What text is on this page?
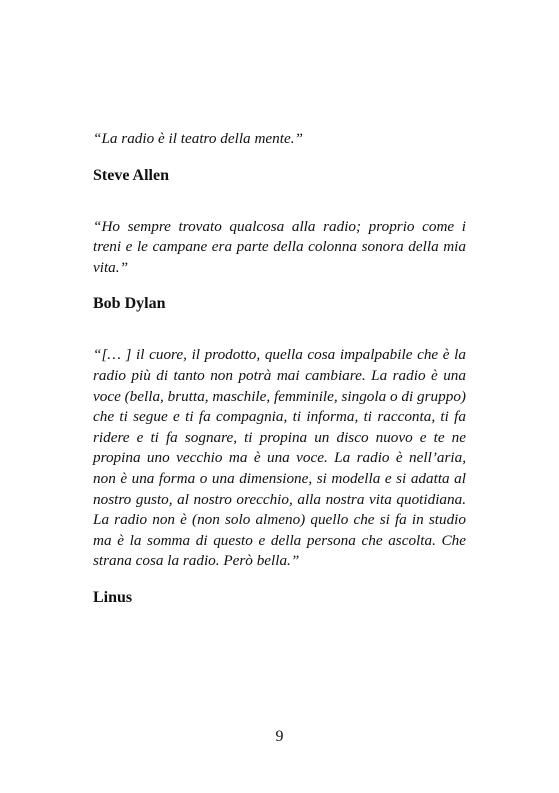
“La radio è il teatro della mente.”

Steve Allen

“Ho sempre trovato qualcosa alla radio; proprio come i treni e le campane era parte della colonna sonora della mia vita.”

Bob Dylan

“[… ] il cuore, il prodotto, quella cosa impalpabile che è la radio più di tanto non potrà mai cambiare. La radio è una voce (bella, brutta, maschile, femminile, singola o di gruppo) che ti segue e ti fa compagnia, ti informa, ti racconta, ti fa ridere e ti fa sognare, ti propina un disco nuovo e te ne propina uno vecchio ma è una voce. La radio è nell’aria, non è una forma o una dimensione, si modella e si adatta al nostro gusto, al nostro orecchio, alla nostra vita quotidiana. La radio non è (non solo almeno) quello che si fa in studio ma è la somma di questo e della persona che ascolta. Che strana cosa la radio. Però bella.”

Linus

9
